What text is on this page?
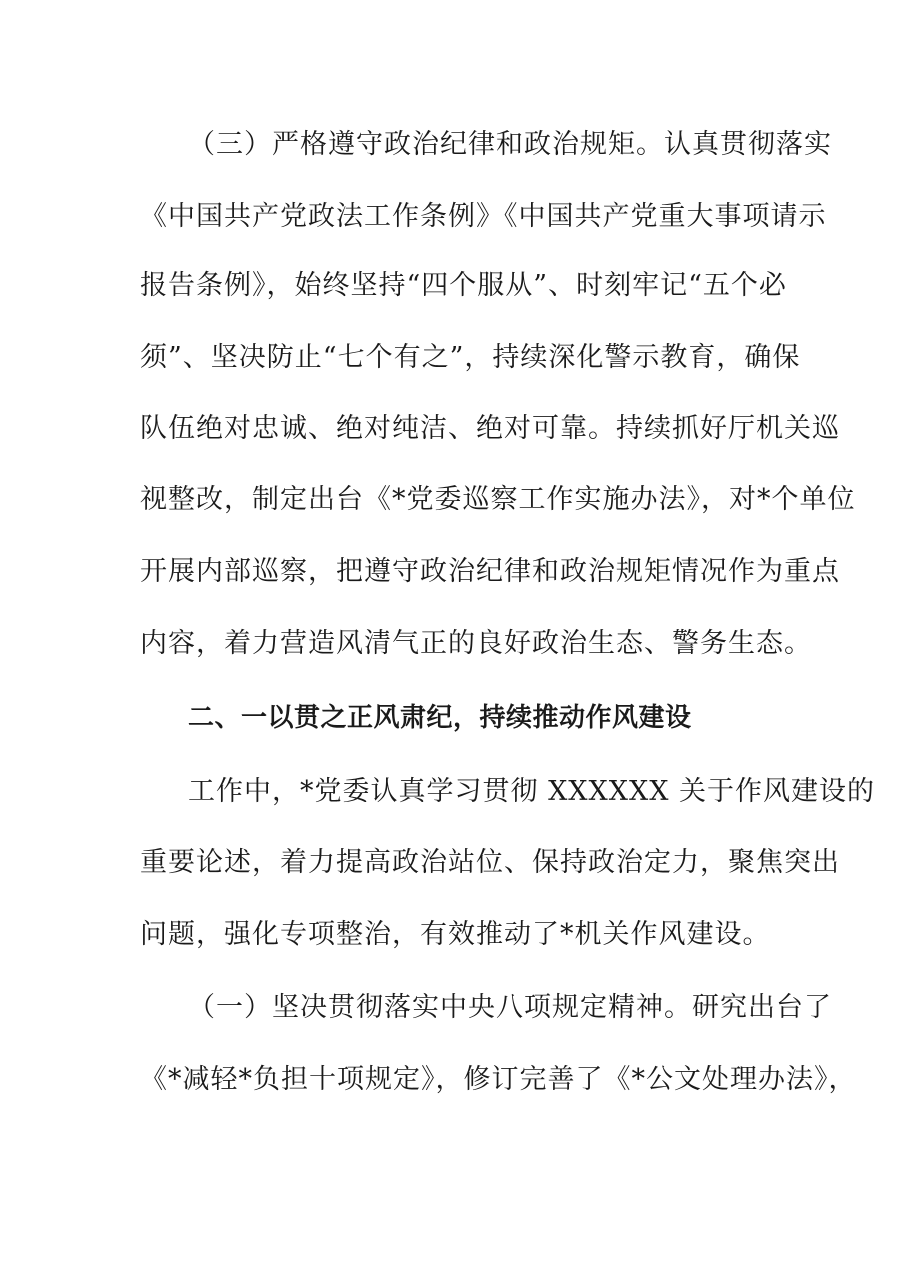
（三）严格遵守政治纪律和政治规矩。认真贯彻落实
《中国共产党政法工作条例》《中国共产党重大事项请示
报告条例》，始终坚持“四个服从”、时刻牢记“五个必
须”、坚决防止“七个有之”，持续深化警示教育，确保
队伍绝对忠诚、绝对纯洁、绝对可靠。持续抓好厅机关巡
视整改，制定出台《*党委巡察工作实施办法》，对*个单位
开展内部巡察，把遵守政治纪律和政治规矩情况作为重点
内容，着力营造风清气正的良好政治生态、警务生态。
二、一以贯之正风肃纪，持续推动作风建设
工作中，*党委认真学习贯彻 XXXXXX 关于作风建设的
重要论述，着力提高政治站位、保持政治定力，聚焦突出
问题，强化专项整治，有效推动了*机关作风建设。
（一）坚决贯彻落实中央八项规定精神。研究出台了
《*减轻*负担十项规定》，修订完善了《*公文处理办法》，
